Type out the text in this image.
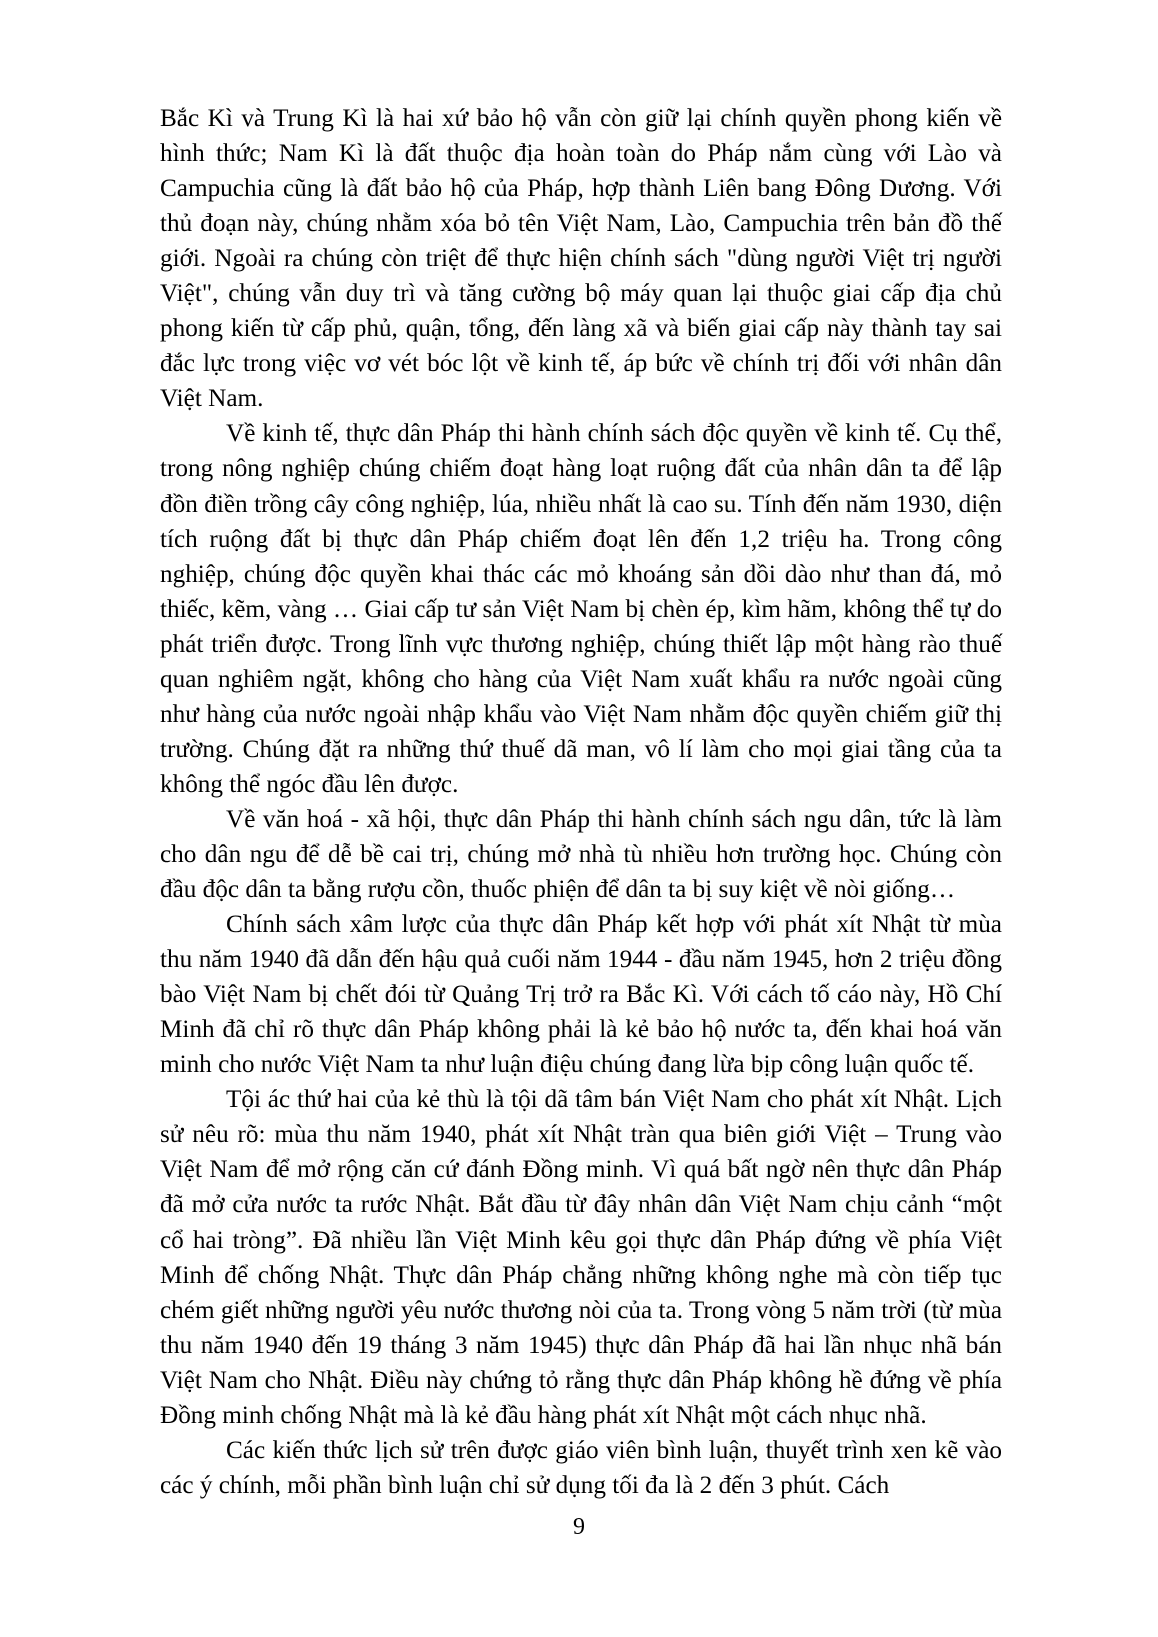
Bắc Kì và Trung Kì là hai xứ bảo hộ vẫn còn giữ lại chính quyền phong kiến về hình thức; Nam Kì là đất thuộc địa hoàn toàn do Pháp nắm cùng với Lào và Campuchia cũng là đất bảo hộ của Pháp, hợp thành Liên bang Đông Dương. Với thủ đoạn này, chúng nhằm xóa bỏ tên Việt Nam, Lào, Campuchia trên bản đồ thế giới. Ngoài ra chúng còn triệt để thực hiện chính sách "dùng người Việt trị người Việt", chúng vẫn duy trì và tăng cường bộ máy quan lại thuộc giai cấp địa chủ phong kiến từ cấp phủ, quận, tổng, đến làng xã và biến giai cấp này thành tay sai đắc lực trong việc vơ vét bóc lột về kinh tế, áp bức về chính trị đối với nhân dân Việt Nam.

Về kinh tế, thực dân Pháp thi hành chính sách độc quyền về kinh tế. Cụ thể, trong nông nghiệp chúng chiếm đoạt hàng loạt ruộng đất của nhân dân ta để lập đồn điền trồng cây công nghiệp, lúa, nhiều nhất là cao su. Tính đến năm 1930, diện tích ruộng đất bị thực dân Pháp chiếm đoạt lên đến 1,2 triệu ha. Trong công nghiệp, chúng độc quyền khai thác các mỏ khoáng sản dồi dào như than đá, mỏ thiếc, kẽm, vàng … Giai cấp tư sản Việt Nam bị chèn ép, kìm hãm, không thể tự do phát triển được. Trong lĩnh vực thương nghiệp, chúng thiết lập một hàng rào thuế quan nghiêm ngặt, không cho hàng của Việt Nam xuất khẩu ra nước ngoài cũng như hàng của nước ngoài nhập khẩu vào Việt Nam nhằm độc quyền chiếm giữ thị trường. Chúng đặt ra những thứ thuế dã man, vô lí làm cho mọi giai tầng của ta không thể ngóc đầu lên được.

Về văn hoá - xã hội, thực dân Pháp thi hành chính sách ngu dân, tức là làm cho dân ngu để dễ bề cai trị, chúng mở nhà tù nhiều hơn trường học. Chúng còn đầu độc dân ta bằng rượu cồn, thuốc phiện để dân ta bị suy kiệt về nòi giống…

Chính sách xâm lược của thực dân Pháp kết hợp với phát xít Nhật từ mùa thu năm 1940 đã dẫn đến hậu quả cuối năm 1944 - đầu năm 1945, hơn 2 triệu đồng bào Việt Nam bị chết đói từ Quảng Trị trở ra Bắc Kì. Với cách tố cáo này, Hồ Chí Minh đã chỉ rõ thực dân Pháp không phải là kẻ bảo hộ nước ta, đến khai hoá văn minh cho nước Việt Nam ta như luận điệu chúng đang lừa bịp công luận quốc tế.

Tội ác thứ hai của kẻ thù là tội dã tâm bán Việt Nam cho phát xít Nhật. Lịch sử nêu rõ: mùa thu năm 1940, phát xít Nhật tràn qua biên giới Việt – Trung vào Việt Nam để mở rộng căn cứ đánh Đồng minh. Vì quá bất ngờ nên thực dân Pháp đã mở cửa nước ta rước Nhật. Bắt đầu từ đây nhân dân Việt Nam chịu cảnh “một cổ hai tròng”. Đã nhiều lần Việt Minh kêu gọi thực dân Pháp đứng về phía Việt Minh để chống Nhật. Thực dân Pháp chẳng những không nghe mà còn tiếp tục chém giết những người yêu nước thương nòi của ta. Trong vòng 5 năm trời (từ mùa thu năm 1940 đến 19 tháng 3 năm 1945) thực dân Pháp đã hai lần nhục nhã bán Việt Nam cho Nhật. Điều này chứng tỏ rằng thực dân Pháp không hề đứng về phía Đồng minh chống Nhật mà là kẻ đầu hàng phát xít Nhật một cách nhục nhã.

Các kiến thức lịch sử trên được giáo viên bình luận, thuyết trình xen kẽ vào các ý chính, mỗi phần bình luận chỉ sử dụng tối đa là 2 đến 3 phút. Cách

9
